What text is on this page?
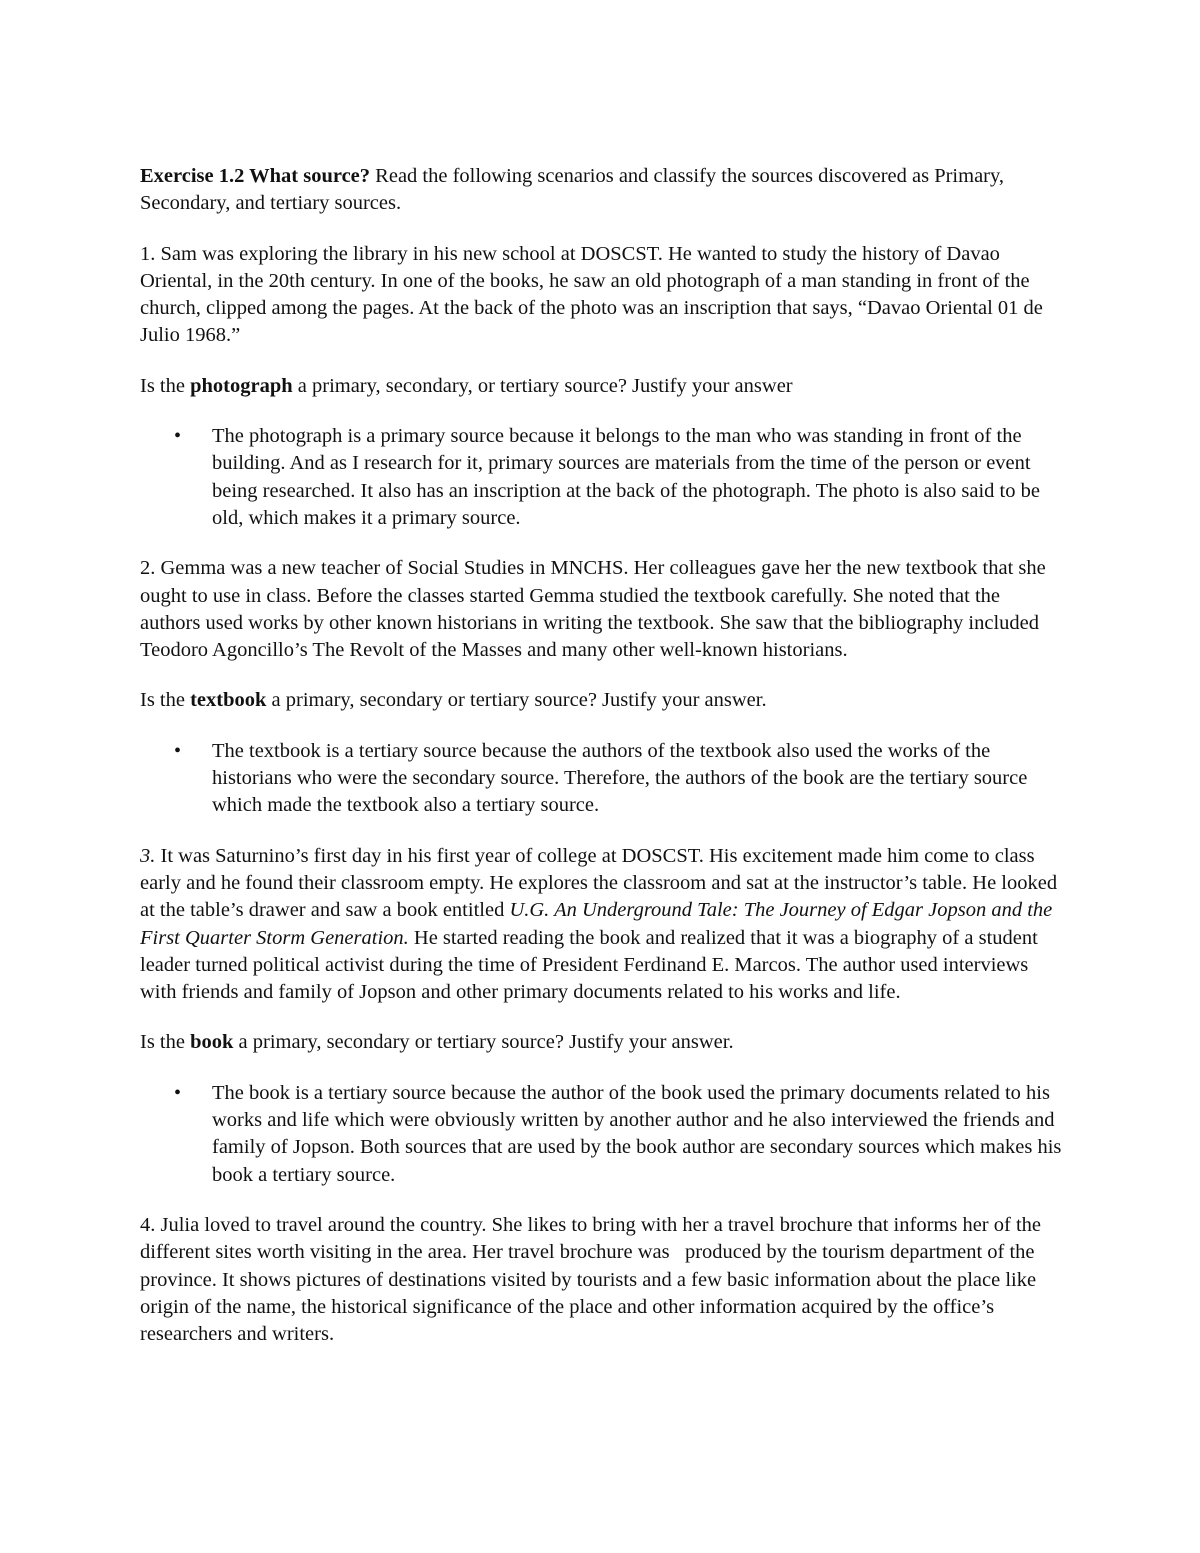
Exercise 1.2 What source? Read the following scenarios and classify the sources discovered as Primary, Secondary, and tertiary sources.

1. Sam was exploring the library in his new school at DOSCST. He wanted to study the history of Davao Oriental, in the 20th century. In one of the books, he saw an old photograph of a man standing in front of the church, clipped among the pages. At the back of the photo was an inscription that says, “Davao Oriental 01 de Julio 1968.”

Is the photograph a primary, secondary, or tertiary source? Justify your answer

• The photograph is a primary source because it belongs to the man who was standing in front of the building. And as I research for it, primary sources are materials from the time of the person or event being researched. It also has an inscription at the back of the photograph. The photo is also said to be old, which makes it a primary source.

2. Gemma was a new teacher of Social Studies in MNCHS. Her colleagues gave her the new textbook that she ought to use in class. Before the classes started Gemma studied the textbook carefully. She noted that the authors used works by other known historians in writing the textbook. She saw that the bibliography included Teodoro Agoncillo’s The Revolt of the Masses and many other well-known historians.

Is the textbook a primary, secondary or tertiary source? Justify your answer.

• The textbook is a tertiary source because the authors of the textbook also used the works of the historians who were the secondary source. Therefore, the authors of the book are the tertiary source which made the textbook also a tertiary source.

3. It was Saturnino’s first day in his first year of college at DOSCST. His excitement made him come to class early and he found their classroom empty. He explores the classroom and sat at the instructor’s table. He looked at the table’s drawer and saw a book entitled U.G. An Underground Tale: The Journey of Edgar Jopson and the First Quarter Storm Generation. He started reading the book and realized that it was a biography of a student leader turned political activist during the time of President Ferdinand E. Marcos. The author used interviews with friends and family of Jopson and other primary documents related to his works and life.

Is the book a primary, secondary or tertiary source? Justify your answer.

• The book is a tertiary source because the author of the book used the primary documents related to his works and life which were obviously written by another author and he also interviewed the friends and family of Jopson. Both sources that are used by the book author are secondary sources which makes his book a tertiary source.

4. Julia loved to travel around the country. She likes to bring with her a travel brochure that informs her of the different sites worth visiting in the area. Her travel brochure was   produced by the tourism department of the province. It shows pictures of destinations visited by tourists and a few basic information about the place like origin of the name, the historical significance of the place and other information acquired by the office’s researchers and writers.
